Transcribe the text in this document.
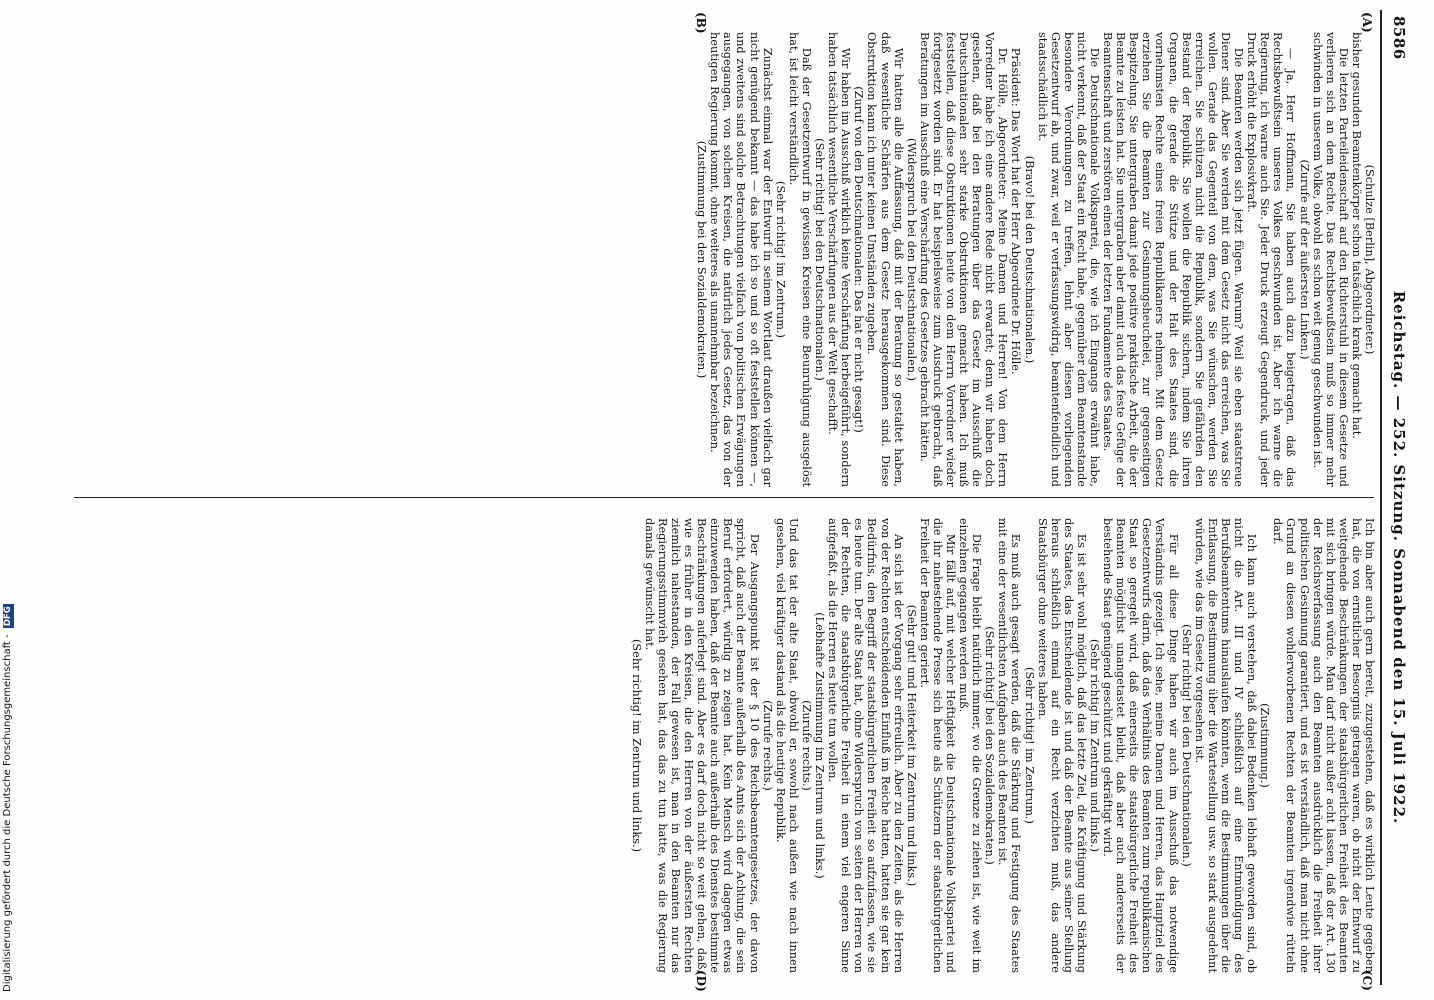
Digitalisierung gefördert durch die Deutsche Forschungsgemeinschaft - DFG
8586
Reichstag. — 252. Sitzung. Sonnabend den 15. Juli 1922.
(A)
(B)
(C)
(D)

(Schulze [Berlin], Abgeordneter.)

bisher gesunden Beamtenkörper schon tatsächlich krank gemacht hat.

Die letzten Parteileidenschaft auf den Richterstuhl in diesem Gesetze und verlieren sich an dem Rechte. Das Rechtsbewußtsein muß so immer mehr schwinden in unserem Volke, obwohl es schon weit genug geschwunden ist.

(Zurufe auf der äußersten Linken.)

— Ja, Herr Hoffmann, Sie haben auch dazu beigetragen, daß das Rechtsbewußtsein unseres Volkes geschwunden ist. Aber ich warne die Regierung, ich warne auch Sie. Jeder Druck erzeugt Gegendruck, und jeder Druck erhöht die Explosivkraft.

Die Beamten werden sich jetzt fügen. Warum? Weil sie eben staatstreue Diener sind. Aber Sie werden mit dem Gesetz nicht das erreichen, was Sie wollen. Gerade das Gegenteil von dem, was Sie wünschen, werden Sie erreichen. Sie schützen nicht die Republik, sondern Sie gefährden den Bestand der Republik. Sie wollen die Republik sichern, indem Sie ihren Organen, die gerade die Stütze und der Halt des Staates sind, die vornehmsten Rechte eines freien Republikaners nehmen. Mit dem Gesetz erziehen Sie die Beamten zur Gesinnungsheuchelei, zur gegenseitigen Bespitzelung. Sie untergraben damit jede positive praktische Arbeit, die der Beamte zu leisten hat. Sie untergraben aber damit auch das feste Gefüge der Beamtenschaft und zerstören einen der letzten Fundamente des Staates.

Die Deutschnationale Volkspartei, die, wie ich Eingangs erwähnt habe, nicht verkennt, daß der Staat ein Recht habe, gegenüber dem Beamtenstande besondere Verordnungen zu treffen, lehnt aber diesen vorliegenden Gesetzentwurf ab, und zwar, weil er verfassungswidrig, beamtenfeindlich und staatsschädlich ist.

(Bravo! bei den Deutschnationalen.)

Präsident: Das Wort hat der Herr Abgeordnete Dr. Hölle.

Dr. Hölle, Abgeordneter: Meine Damen und Herren! Von dem Herrn Vorredner habe ich eine andere Rede nicht erwartet; denn wir haben doch gesehen, daß bei den Beratungen über das Gesetz im Ausschuß die Deutschnationalen sehr starke Obstruktionen gemacht haben. Ich muß feststellen, daß diese Obstruktionen heute von dem Herrn Vorredner wieder fortgesetzt worden sind. Er hat beispielsweise zum Ausdruck gebracht, daß Beratungen im Ausschuß eine Verschärfung des Gesetzes gebracht hätten.

(Widerspruch bei den Deutschnationalen.)

Wir hatten alle die Auffassung, daß mit der Beratung so gestaltet haben, daß wesentliche Schärfen aus dem Gesetz herausgekommen sind. Diese Obstruktion kann ich unter keinen Umständen zugeben.

(Zuruf von den Deutschnationalen: Das hat er nicht gesagt!)

Wir haben im Ausschuß wirklich keine Verschärfung herbeigeführt, sondern haben tatsächlich wesentliche Verschärfungen aus der Welt geschafft.

(Sehr richtig! bei den Deutschnationalen.)

Daß der Gesetzentwurf in gewissen Kreisen eine Beunruhigung ausgelöst hat, ist leicht verständlich.

(Sehr richtig! im Zentrum.)

Zunächst einmal war der Entwurf in seinem Wortlaut draußen vielfach gar nicht genügend bekannt — das habe ich so und so oft feststellen können —, und zweitens sind solche Betrachtungen vielfach von politischen Erwägungen ausgegangen, von solchen Kreisen, die natürlich jedes Gesetz, das von der heutigen Regierung kommt, ohne weiteres als unannehmbar bezeichnen.

(Zustimmung bei den Sozialdemokraten.)

Ich bin aber auch gern bereit, zuzugestehen, daß es wirklich Leute gegeben hat, die von ernstlicher Besorgnis getragen waren, ob nicht der Entwurf zu weitgehende Beschränkungen der staatsbürgerlichen Freiheit des Beamten mit sich bringen würde. Man darf nicht außer acht lassen, daß der Art. 130 der Reichsverfassung auch den Beamten ausdrücklich die Freiheit ihrer politischen Gesinnung garantiert, und es ist verständlich, daß man nicht ohne Grund an diesen wohlerworbenen Rechten der Beamten irgendwie rütteln darf.

(Zustimmung.)

Ich kann auch verstehen, daß dabei Bedenken lebhaft geworden sind, ob nicht die Art. III und IV schließlich auf eine Entmündigung des Berufsbeamtentums hinauslaufen könnten, wenn die Bestimmungen über die Entlassung, die Bestimmung über die Wartestellung usw. so stark ausgedehnt würden, wie das im Gesetz vorgesehen ist.

(Sehr richtig! bei den Deutschnationalen.)

Für all diese Dinge haben wir auch im Ausschuß das notwendige Verständnis gezeigt. Ich sehe, meine Damen und Herren, das Hauptziel des Gesetzentwurfs darin, daß das Verhältnis des Beamten zum republikanischen Staat so geregelt wird, daß einerseits die staatsbürgerliche Freiheit des Beamten möglichst unangetastet bleibt, daß aber auch andererseits der bestehende Staat genügend geschützt und gekräftigt wird.

(Sehr richtig! im Zentrum und links.)

Es ist sehr wohl möglich, daß das letzte Ziel, die Kräftigung und Stärkung des Staates, das Entscheidende ist und daß der Beamte aus seiner Stellung heraus schließlich einmal auf ein Recht verzichten muß, das andere Staatsbürger ohne weiteres haben.

(Sehr richtig! im Zentrum.)

Es muß auch gesagt werden, daß die Stärkung und Festigung des Staates mit eine der wesentlichsten Aufgaben auch des Beamten ist.

(Sehr richtig! bei den Sozialdemokraten.)

Die Frage bleibt natürlich immer, wo die Grenze zu ziehen ist, wie weit im einzelnen gegangen werden muß.

Mir fällt auf, mit welcher Heftigkeit die Deutschnationale Volkspartei und die ihr nahestehende Presse sich heute als Schützern der staatsbürgerlichen Freiheit der Beamten geriert.

(Sehr gut! und Heiterkeit im Zentrum und links.)

An sich ist der Vorgang sehr erfreulich. Aber zu den Zeiten, als die Herren von der Rechten entscheidenden Einfluß im Reiche hatten, hatten sie gar kein Bedürfnis, den Begriff der staatsbürgerlichen Freiheit so aufzufassen, wie sie es heute tun. Der alte Staat hat, ohne Widerspruch von seiten der Herren von der Rechten, die staatsbürgerliche Freiheit in einem viel engeren Sinne aufgefaßt, als die Herren es heute tun wollen.

(Lebhafte Zustimmung im Zentrum und links.)

(Zurufe rechts.)

Und das tat der alte Staat, obwohl er, sowohl nach außen wie nach innen gesehen, viel kräftiger dastand als die heutige Republik.

(Zurufe rechts.)

Der Ausgangspunkt ist der § 10 des Reichsbeamtengesetzes, der davon spricht, daß auch der Beamte außerhalb des Amts sich der Achtung, die sein Beruf erfordert, würdig zu zeigen hat. Kein Mensch wird dagegen etwas einzuwenden haben, daß der Beamte auch außerhalb des Dienstes bestimmte Beschränkungen auferlegt sind. Aber es darf doch nicht so weit gehen, daß, wie es früher in den Kreisen, die den Herren von der äußersten Rechten ziemlich nahestanden, der Fall gewesen ist, man in den Beamten nur das Regierungsstimmvieh gesehen hat, das das zu tun hatte, was die Regierung damals gewünscht hat.

(Sehr richtig! im Zentrum und links.)
